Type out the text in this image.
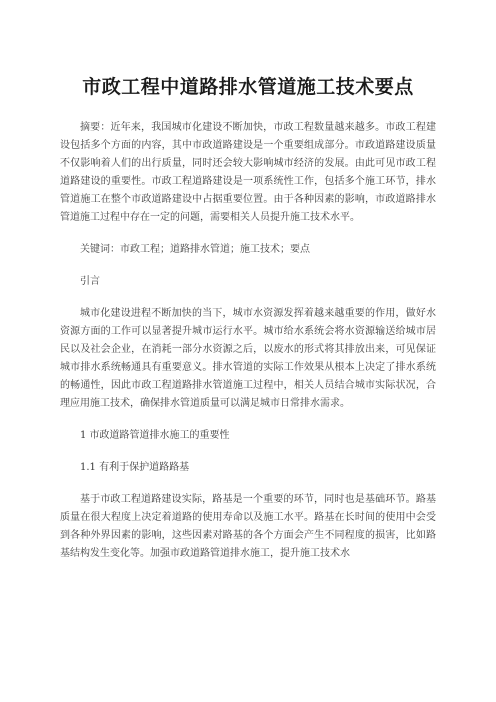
市政工程中道路排水管道施工技术要点

摘要：近年来，我国城市化建设不断加快，市政工程数量越来越多。市政工程建设包括多个方面的内容，其中市政道路建设是一个重要组成部分。市政道路建设质量不仅影响着人们的出行质量，同时还会较大影响城市经济的发展。由此可见市政工程道路建设的重要性。市政工程道路建设是一项系统性工作，包括多个施工环节，排水管道施工在整个市政道路建设中占据重要位置。由于各种因素的影响，市政道路排水管道施工过程中存在一定的问题，需要相关人员提升施工技术水平。

关键词：市政工程；道路排水管道；施工技术；要点

引言

城市化建设进程不断加快的当下，城市水资源发挥着越来越重要的作用，做好水资源方面的工作可以显著提升城市运行水平。城市给水系统会将水资源输送给城市居民以及社会企业，在消耗一部分水资源之后，以废水的形式将其排放出来，可见保证城市排水系统畅通具有重要意义。排水管道的实际工作效果从根本上决定了排水系统的畅通性，因此市政工程道路排水管道施工过程中，相关人员结合城市实际状况，合理应用施工技术，确保排水管道质量可以满足城市日常排水需求。

1 市政道路管道排水施工的重要性

1.1 有利于保护道路路基

基于市政工程道路建设实际，路基是一个重要的环节，同时也是基础环节。路基质量在很大程度上决定着道路的使用寿命以及施工水平。路基在长时间的使用中会受到各种外界因素的影响，这些因素对路基的各个方面会产生不同程度的损害，比如路基结构发生变化等。加强市政道路管道排水施工，提升施工技术水
